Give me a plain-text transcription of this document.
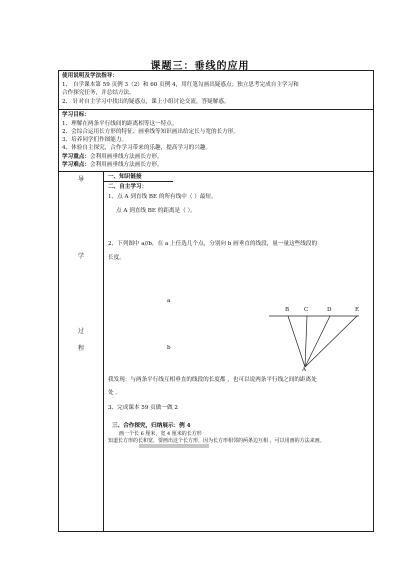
课题三：垂线的应用
使用说明及学法指导：
1、 自学课本第 59 页例 3（2）和 60 页例 4，用红笔勾画出疑惑点；独立思考完成自主学习和
合作探究任务，并总结方法。
2、 针对自主学习中找出的疑惑点，课上小组讨论交流，答疑解惑。
学习目标：
1、理解在两条平行线间的距离相等这一特点。
2、会综合运用长方形的特征、画垂线等知识画出给定长与宽的长方形。
3、培养同学们作图能力。
4、体验自主探究，合作学习带来的乐趣，提高学习的兴趣。
学习重点：会利用画垂线方法画长方形。
学习难点：会利用画垂线方法画长方形。
导
学
过
程
一、知识链接
二、自主学习：
1、点 A 到直线 BE 的所有线中（ ）最短。
点 A 到直线 BE 的距离是（ ）。
2、下列图中 a//b，在 a 上任选几个点，分别向 b 画垂直的线段，量一量这些线段的
长度。
a
b
B	C	D	E
A
我发现：与两条平行线互相垂直的线段的长度都 ，也可以说两条平行线之间的距离处
处 。
3、完成课本 59 页做一做 2
三、合作探究，归纳展示：例 4
画一个长 6 厘米，宽 4 厘米的长方形
知道长方形的长和宽，要画出这个长方形，因为长方形相邻的两条边互相 ，可以用画的方法来画。
